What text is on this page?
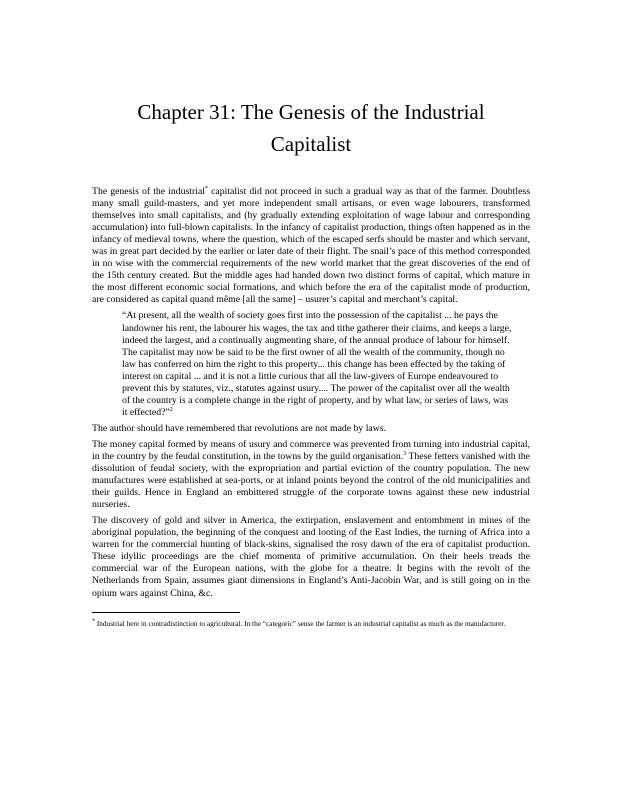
Chapter 31: The Genesis of the Industrial
Capitalist

The genesis of the industrial* capitalist did not proceed in such a gradual way as that of the farmer. Doubtless many small guild-masters, and yet more independent small artisans, or even wage labourers, transformed themselves into small capitalists, and (by gradually extending exploitation of wage labour and corresponding accumulation) into full-blown capitalists. In the infancy of capitalist production, things often happened as in the infancy of medieval towns, where the question, which of the escaped serfs should be master and which servant, was in great part decided by the earlier or later date of their flight. The snail’s pace of this method corresponded in no wise with the commercial requirements of the new world market that the great discoveries of the end of the 15th century created. But the middle ages had handed down two distinct forms of capital, which mature in the most different economic social formations, and which before the era of the capitalist mode of production, are considered as capital quand même [all the same] – usurer’s capital and merchant’s capital.

“At present, all the wealth of society goes first into the possession of the capitalist ... he pays the landowner his rent, the labourer his wages, the tax and tithe gatherer their claims, and keeps a large, indeed the largest, and a continually augmenting share, of the annual produce of labour for himself. The capitalist may now be said to be the first owner of all the wealth of the community, though no law has conferred on him the right to this property... this change has been effected by the taking of interest on capital ... and it is not a little curious that all the law-givers of Europe endeavoured to prevent this by statutes, viz., statutes against usury.... The power of the capitalist over all the wealth of the country is a complete change in the right of property, and by what law, or series of laws, was it effected?”$^2$

The author should have remembered that revolutions are not made by laws.

The money capital formed by means of usury and commerce was prevented from turning into industrial capital, in the country by the feudal constitution, in the towns by the guild organisation.$^3$ These fetters vanished with the dissolution of feudal society, with the expropriation and partial eviction of the country population. The new manufactures were established at sea-ports, or at inland points beyond the control of the old municipalities and their guilds. Hence in England an embittered struggle of the corporate towns against these new industrial nurseries.

The discovery of gold and silver in America, the extirpation, enslavement and entombment in mines of the aboriginal population, the beginning of the conquest and looting of the East Indies, the turning of Africa into a warren for the commercial hunting of black-skins, signalised the rosy dawn of the era of capitalist production. These idyllic proceedings are the chief momenta of primitive accumulation. On their heels treads the commercial war of the European nations, with the globe for a theatre. It begins with the revolt of the Netherlands from Spain, assumes giant dimensions in England’s Anti-Jacobin War, and is still going on in the opium wars against China, &c.

* Industrial here in contradistinction to agricultural. In the “categoric” sense the farmer is an industrial capitalist as much as the manufacturer.
